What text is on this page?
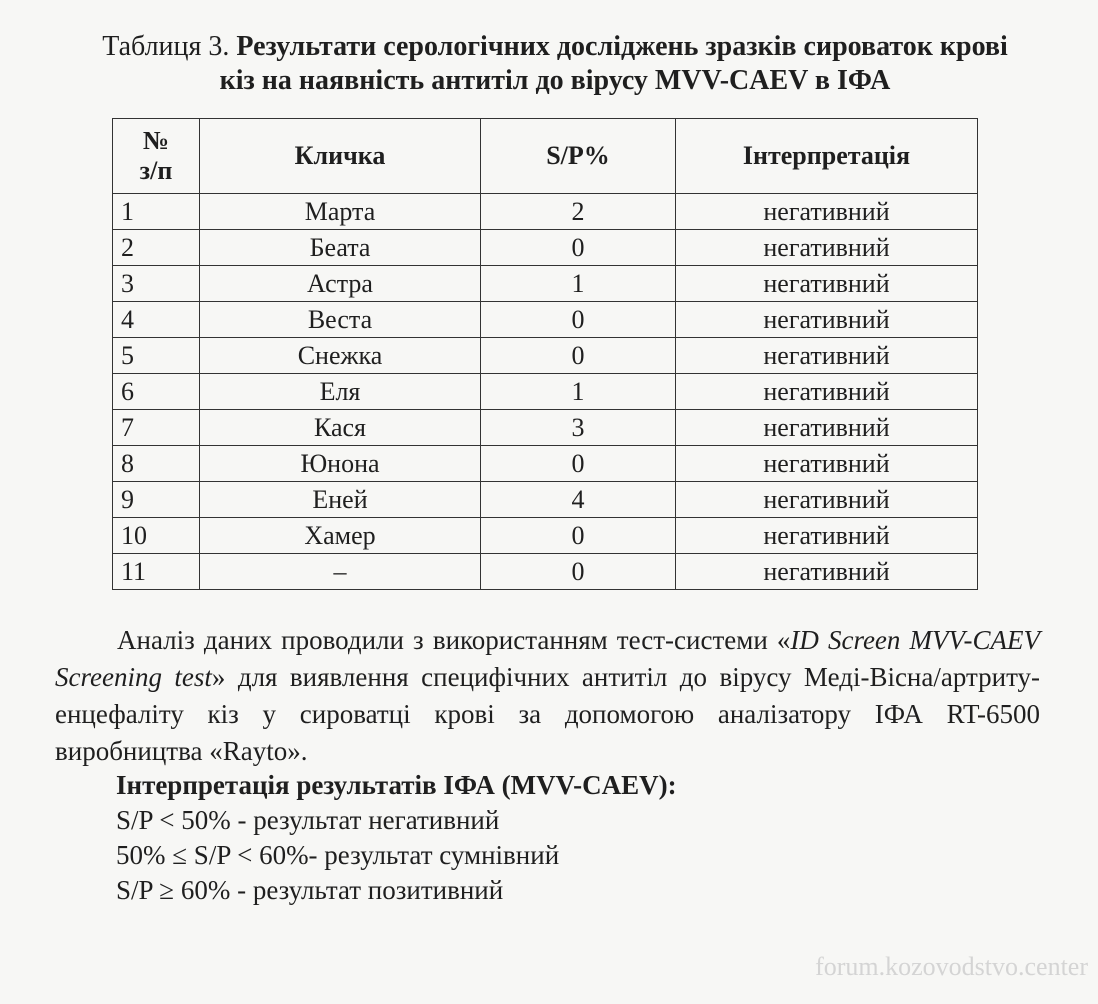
Таблиця 3. Результати серологічних досліджень зразків сироваток крові
кіз на наявність антитіл до вірусу MVV-CAEV в ІФА
№
з/п	Кличка	S/P%	Інтерпретація
1	Марта	2	негативний
2	Беата	0	негативний
3	Астра	1	негативний
4	Веста	0	негативний
5	Снежка	0	негативний
6	Еля	1	негативний
7	Кася	3	негативний
8	Юнона	0	негативний
9	Еней	4	негативний
10	Хамер	0	негативний
11	–	0	негативний

Аналіз даних проводили з використанням тест-системи «ID Screen MVV-CAEV Screening test» для виявлення специфічних антитіл до вірусу Меді-Вісна/артриту-енцефаліту кіз у сироватці крові за допомогою аналізатору ІФА RT-6500 виробництва «Rayto».

Інтерпретація результатів ІФА (MVV-CAEV):
S/P < 50% - результат негативний
50% ≤ S/P < 60%- результат сумнівний
S/P ≥ 60% - результат позитивний
forum.kozovodstvo.center
